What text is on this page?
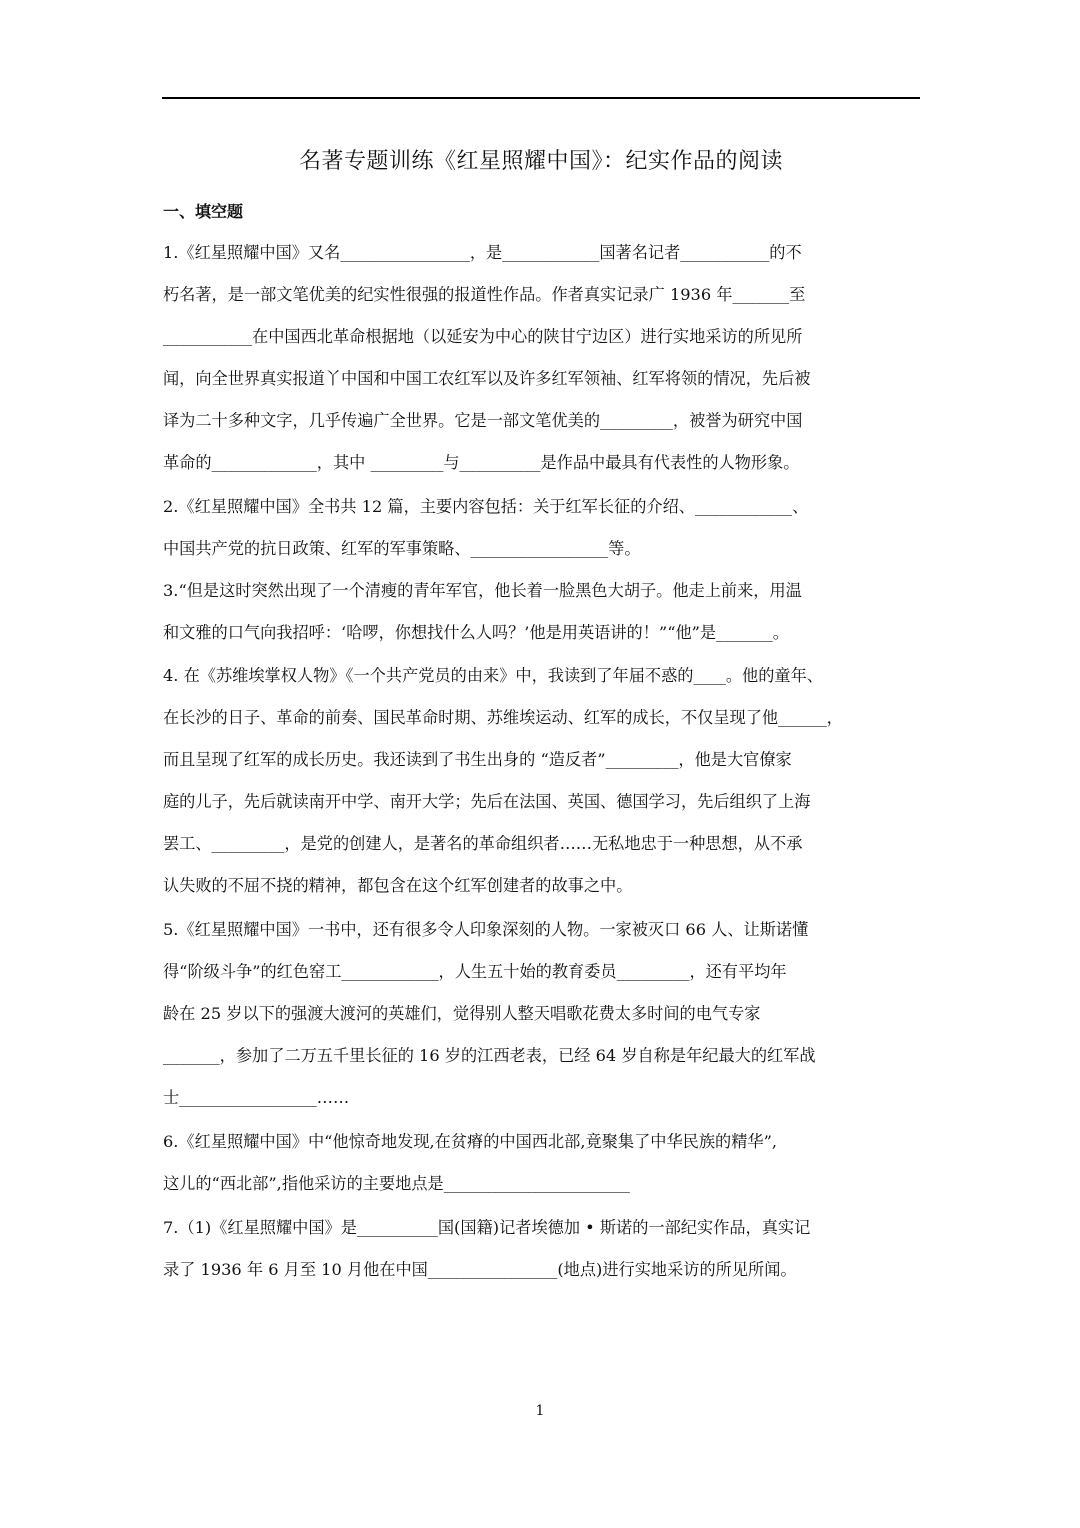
名著专题训练《红星照耀中国》：纪实作品的阅读
一、填空题
1.《红星照耀中国》又名________________，是____________国著名记者___________的不
朽名著，是一部文笔优美的纪实性很强的报道性作品。作者真实记录广 1936 年_______至
___________在中国西北革命根据地（以延安为中心的陕甘宁边区）进行实地采访的所见所
闻，向全世界真实报道丫中国和中国工农红军以及许多红军领袖、红军将领的情况，先后被
译为二十多种文字，几乎传遍广全世界。它是一部文笔优美的_________，被誉为研究中国
革命的_____________，其中 _________与__________是作品中最具有代表性的人物形象。
2.《红星照耀中国》全书共 12 篇，主要内容包括：关于红军长征的介绍、____________、
中国共产党的抗日政策、红军的军事策略、_________________等。
3.“但是这时突然出现了一个清瘦的青年军官，他长着一脸黑色大胡子。他走上前来，用温
和文雅的口气向我招呼：‘哈啰，你想找什么人吗？’他是用英语讲的！”“他”是_______。
4. 在《苏维埃掌权人物》《一个共产党员的由来》中，我读到了年届不惑的____。他的童年、
在长沙的日子、革命的前奏、国民革命时期、苏维埃运动、红军的成长，不仅呈现了他______，
而且呈现了红军的成长历史。我还读到了书生出身的 “造反者”_________，他是大官僚家
庭的儿子，先后就读南开中学、南开大学；先后在法国、英国、德国学习，先后组织了上海
罢工、_________，是党的创建人，是著名的革命组织者……无私地忠于一种思想，从不承
认失败的不屈不挠的精神，都包含在这个红军创建者的故事之中。
5.《红星照耀中国》一书中，还有很多令人印象深刻的人物。一家被灭口 66 人、让斯诺懂
得“阶级斗争”的红色窑工____________，人生五十始的教育委员_________，还有平均年
龄在 25 岁以下的强渡大渡河的英雄们，觉得别人整天唱歌花费太多时间的电气专家
_______，参加了二万五千里长征的 16 岁的江西老表，已经 64 岁自称是年纪最大的红军战
士_________________……
6.《红星照耀中国》中“他惊奇地发现,在贫瘠的中国西北部,竟聚集了中华民族的精华”,
这儿的“西北部”,指他采访的主要地点是_______________________
7.（1)《红星照耀中国》是__________国(国籍)记者埃德加 • 斯诺的一部纪实作品，真实记
录了 1936 年 6 月至 10 月他在中国________________(地点)进行实地采访的所见所闻。
1
